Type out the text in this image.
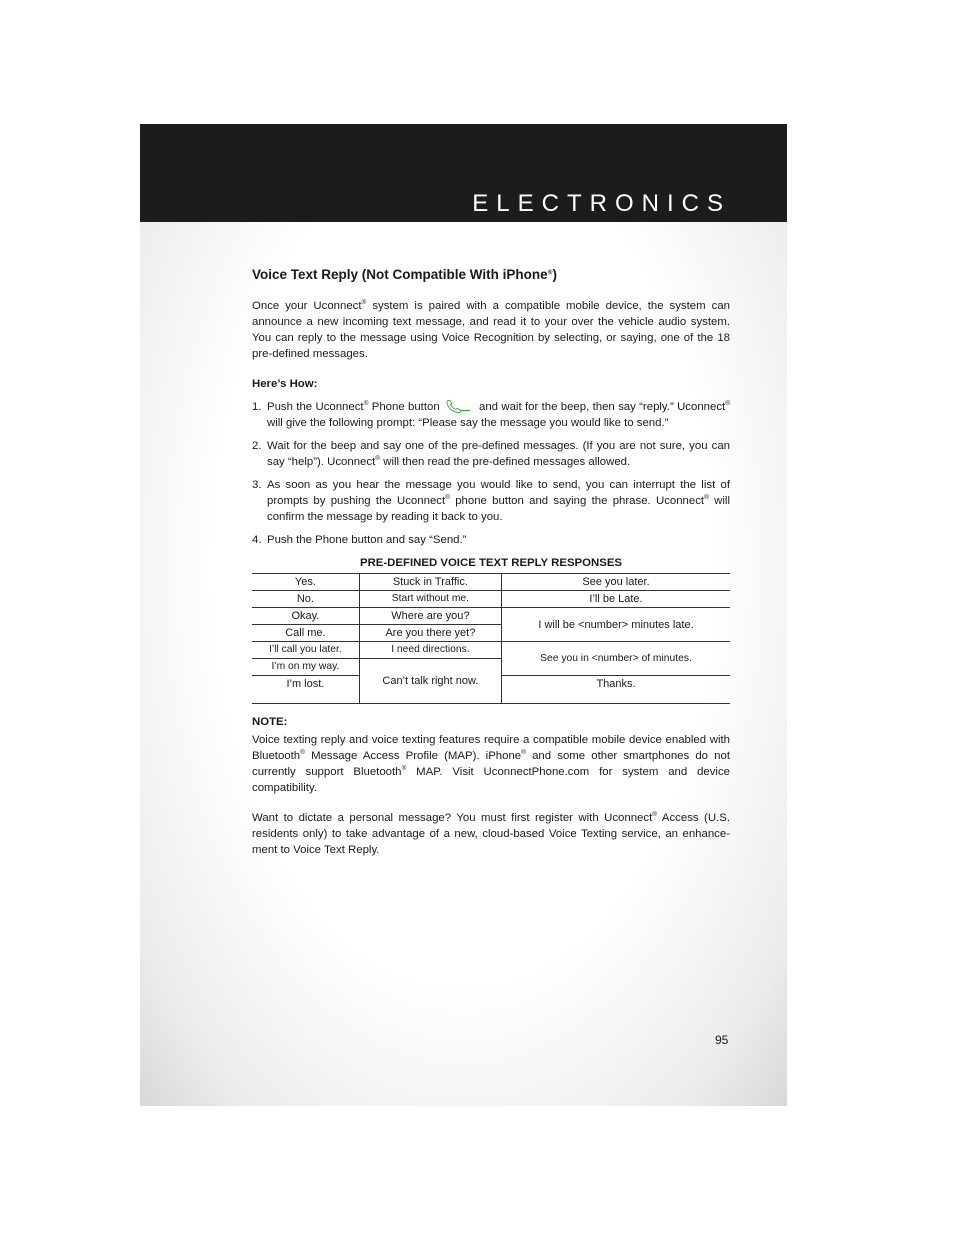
ELECTRONICS
Voice Text Reply (Not Compatible With iPhone®)

Once your Uconnect® system is paired with a compatible mobile device, the system can announce a new incoming text message, and read it to your over the vehicle audio system. You can reply to the message using Voice Recognition by selecting, or saying, one of the 18 pre-defined messages.

Here’s How:
1. Push the Uconnect® Phone button	and wait for the beep, then say “reply.” Uconnect® will give the following prompt: “Please say the message you would like to send.”
2. Wait for the beep and say one of the pre-defined messages. (If you are not sure, you can say “help”). Uconnect® will then read the pre-defined messages allowed.
3. As soon as you hear the message you would like to send, you can interrupt the list of prompts by pushing the Uconnect® phone button and saying the phrase. Uconnect® will confirm the message by reading it back to you.
4. Push the Phone button and say “Send.”
PRE-DEFINED VOICE TEXT REPLY RESPONSES
Yes.	Stuck in Traffic.	See you later.
No.	Start without me.	I’ll be Late.
Okay.	Where are you?	I will be <number> minutes late.
Call me.	Are you there yet?	
I’ll call you later.	I need directions.	See you in <number> of minutes.
I’m on my way.	Can’t talk right now.	
I’m lost.		Thanks.
NOTE:

Voice texting reply and voice texting features require a compatible mobile device enabled with Bluetooth® Message Access Profile (MAP). iPhone® and some other smartphones do not currently support Bluetooth® MAP. Visit UconnectPhone.com for system and device compatibility.

Want to dictate a personal message? You must first register with Uconnect® Access (U.S. residents only) to take advantage of a new, cloud-based Voice Texting service, an enhance-ment to Voice Text Reply.

95
